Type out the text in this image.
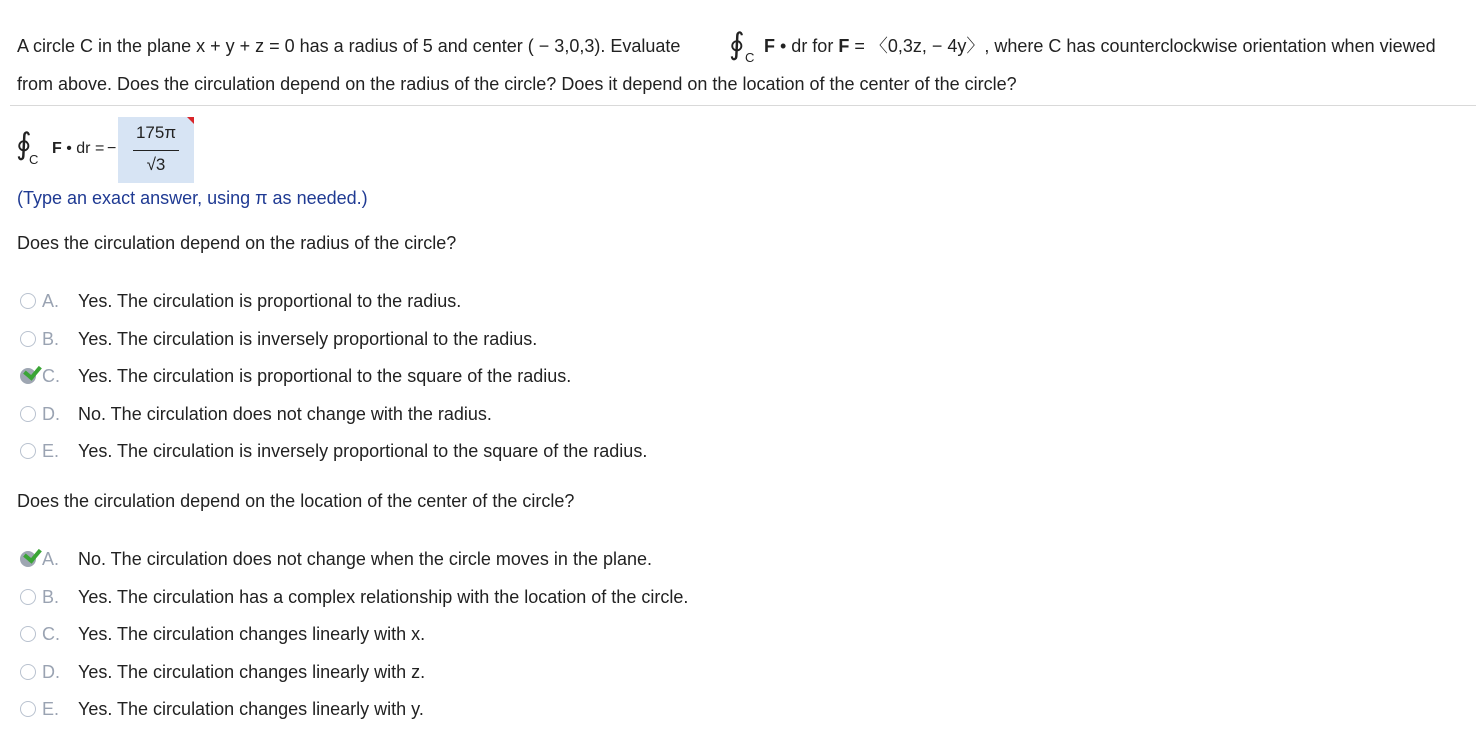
A circle C in the plane x + y + z = 0 has a radius of 5 and center ( − 3,0,3). Evaluate ∮ C
F • dr for F = 〈0,3z, − 4y〉, where C has counterclockwise orientation when viewed
from above. Does the circulation depend on the radius of the circle? Does it depend on the location of the center of the circle?
∮
C
F • dr = −
175π
√3
(Type an exact answer, using π as needed.)
Does the circulation depend on the radius of the circle?
A.	Yes. The circulation is proportional to the radius.
B.	Yes. The circulation is inversely proportional to the radius.
C.	Yes. The circulation is proportional to the square of the radius.
D.	No. The circulation does not change with the radius.
E.	Yes. The circulation is inversely proportional to the square of the radius.
Does the circulation depend on the location of the center of the circle?
A.	No. The circulation does not change when the circle moves in the plane.
B.	Yes. The circulation has a complex relationship with the location of the circle.
C.	Yes. The circulation changes linearly with x.
D.	Yes. The circulation changes linearly with z.
E.	Yes. The circulation changes linearly with y.
